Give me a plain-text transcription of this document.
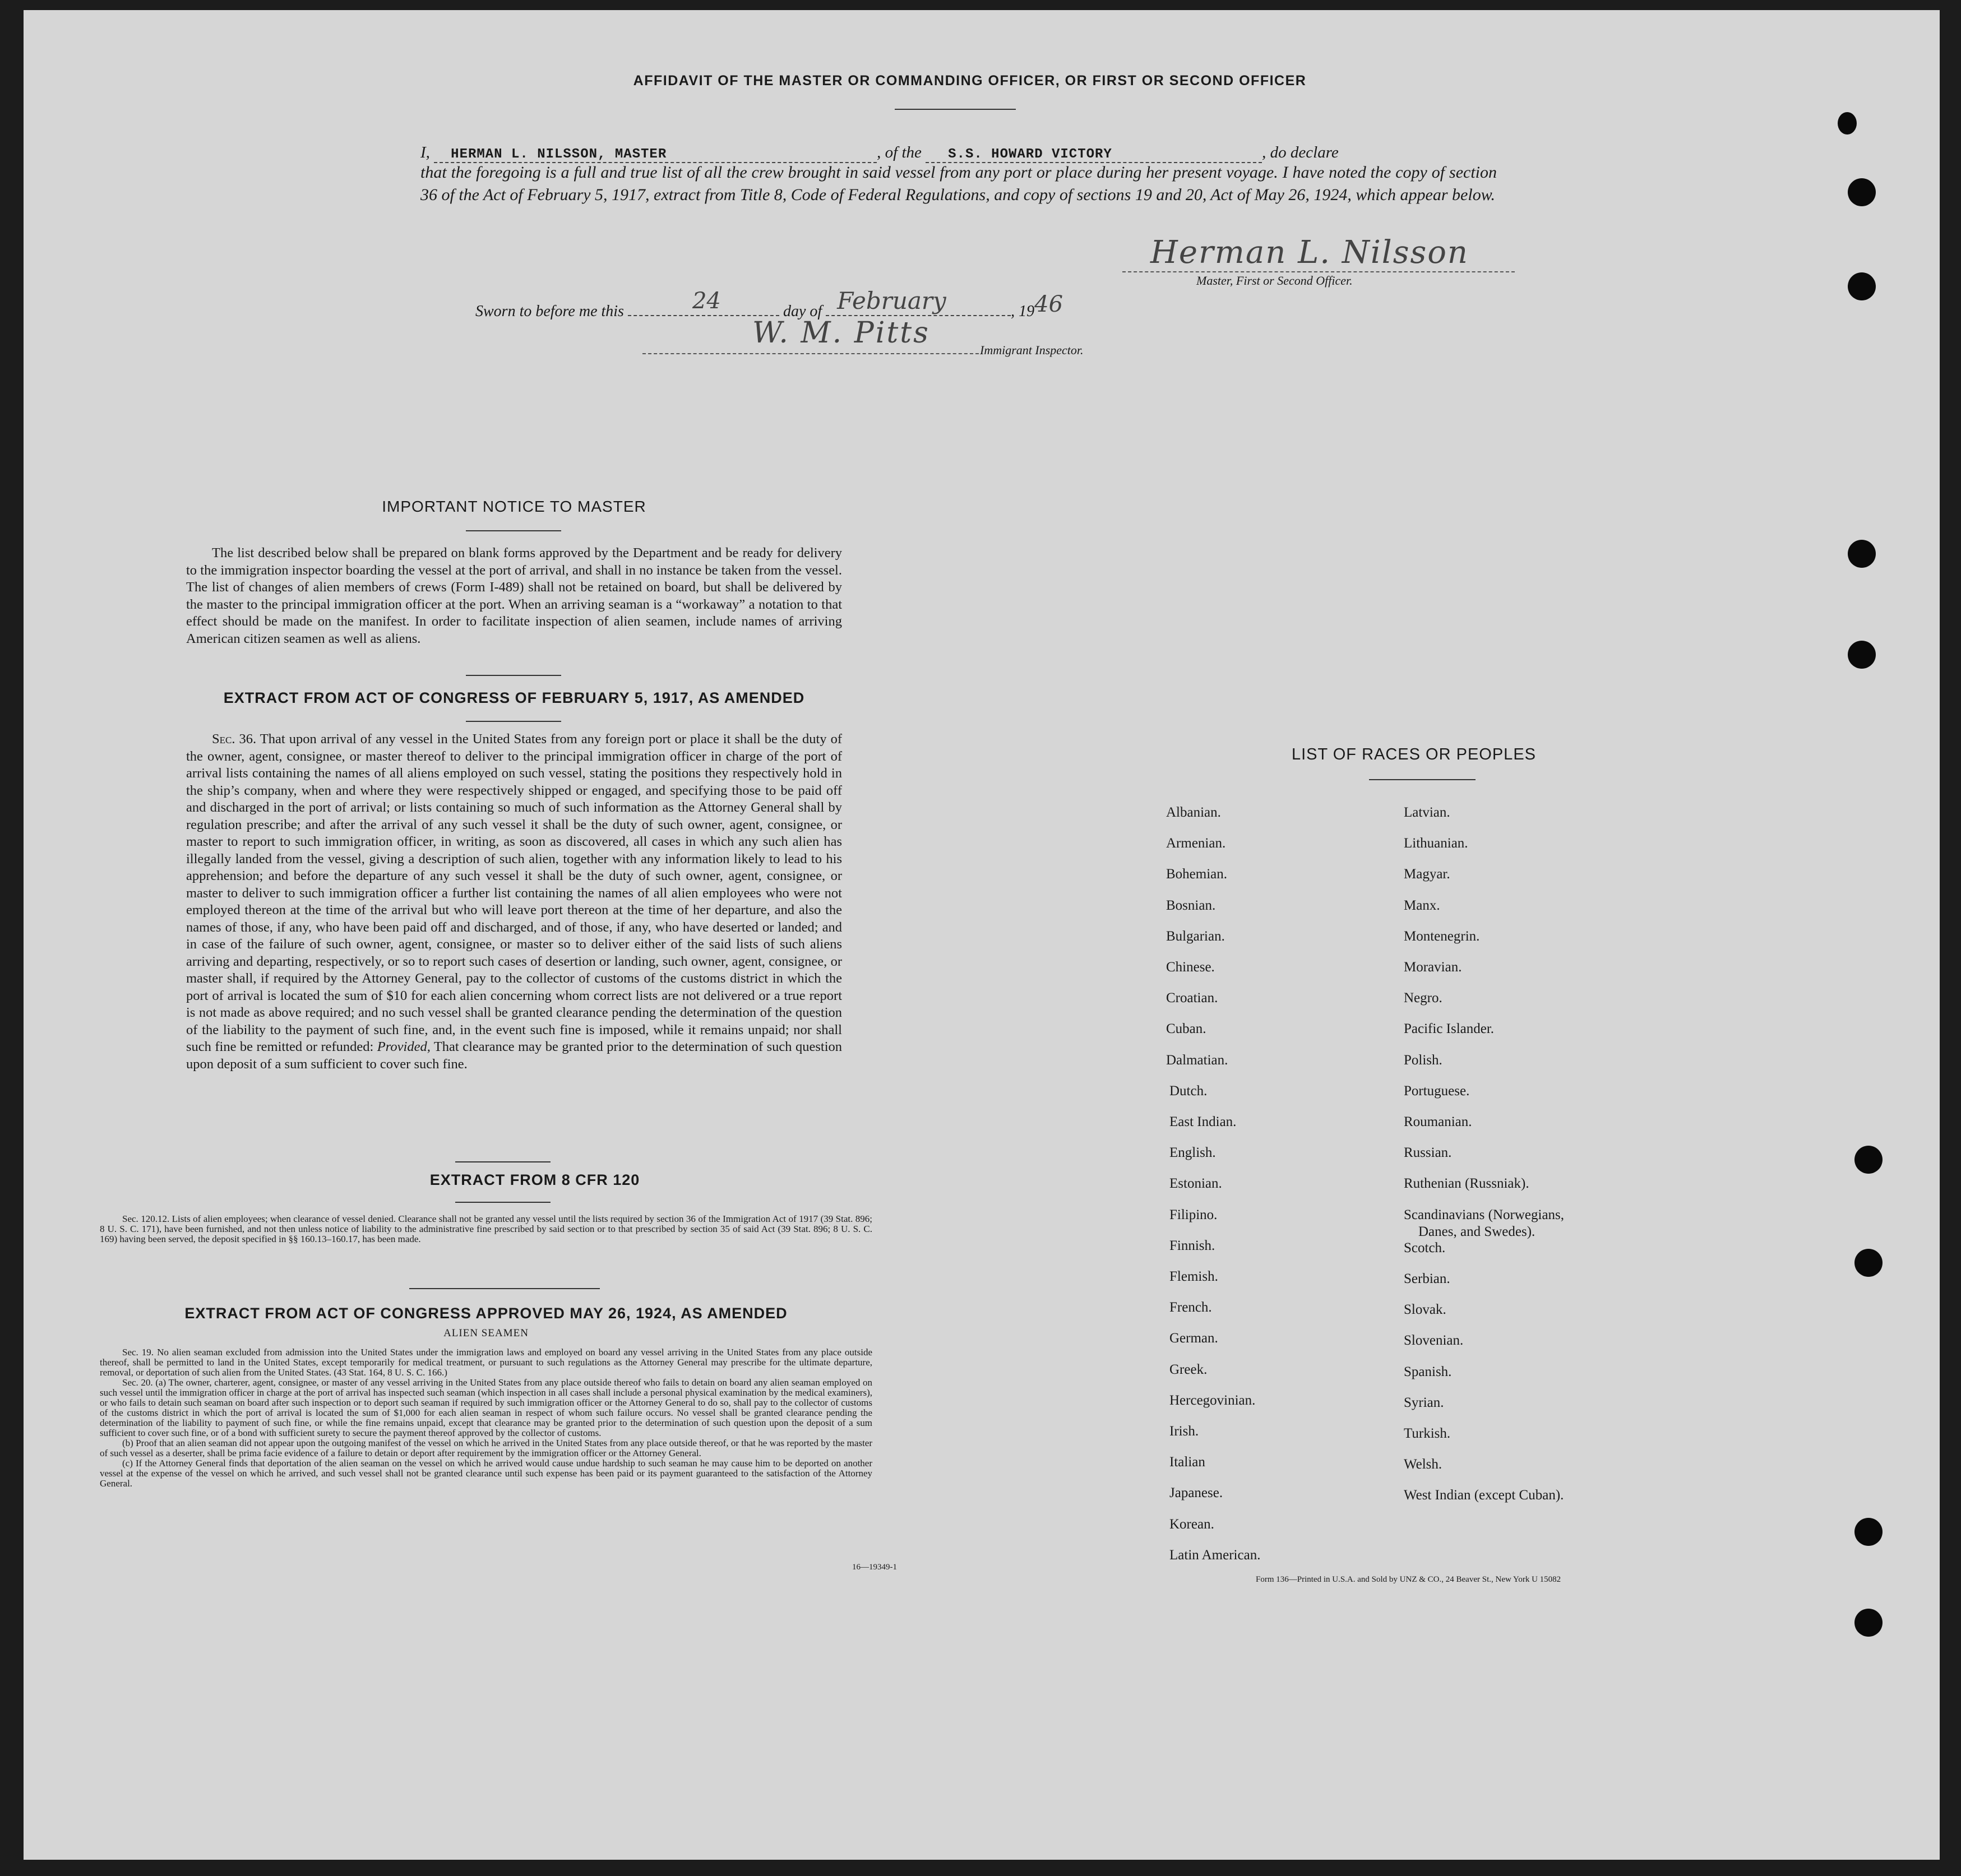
AFFIDAVIT OF THE MASTER OR COMMANDING OFFICER, OR FIRST OR SECOND OFFICER
I, HERMAN L. NILSSON, MASTER	, of the S.S. HOWARD VICTORY	, do declare
that the foregoing is a full and true list of all the crew brought in said vessel from any port or place during her present voyage. I have noted the copy of section 36 of the Act of February 5, 1917, extract from Title 8, Code of Federal Regulations, and copy of sections 19 and 20, Act of May 26, 1924, which appear below.
Herman L. Nilsson
Master, First or Second Officer.
Sworn to before me this	24	day of February	, 1946
W. M. Pitts
Immigrant Inspector.
IMPORTANT NOTICE TO MASTER
The list described below shall be prepared on blank forms approved by the Department and be ready for delivery to the immigration inspector boarding the vessel at the port of arrival, and shall in no instance be taken from the vessel. The list of changes of alien members of crews (Form I-489) shall not be retained on board, but shall be delivered by the master to the principal immigration officer at the port. When an arriving seaman is a “workaway” a notation to that effect should be made on the manifest. In order to facilitate inspection of alien seamen, include names of arriving American citizen seamen as well as aliens.
EXTRACT FROM ACT OF CONGRESS OF FEBRUARY 5, 1917, AS AMENDED
Sec. 36. That upon arrival of any vessel in the United States from any foreign port or place it shall be the duty of the owner, agent, consignee, or master thereof to deliver to the principal immigration officer in charge of the port of arrival lists containing the names of all aliens employed on such vessel, stating the positions they respectively hold in the ship’s company, when and where they were respectively shipped or engaged, and specifying those to be paid off and discharged in the port of arrival; or lists containing so much of such information as the Attorney General shall by regulation prescribe; and after the arrival of any such vessel it shall be the duty of such owner, agent, consignee, or master to report to such immigration officer, in writing, as soon as discovered, all cases in which any such alien has illegally landed from the vessel, giving a description of such alien, together with any information likely to lead to his apprehension; and before the departure of any such vessel it shall be the duty of such owner, agent, consignee, or master to deliver to such immigration officer a further list containing the names of all alien employees who were not employed thereon at the time of the arrival but who will leave port thereon at the time of her departure, and also the names of those, if any, who have been paid off and discharged, and of those, if any, who have deserted or landed; and in case of the failure of such owner, agent, consignee, or master so to deliver either of the said lists of such aliens arriving and departing, respectively, or so to report such cases of desertion or landing, such owner, agent, consignee, or master shall, if required by the Attorney General, pay to the collector of customs of the customs district in which the port of arrival is located the sum of $10 for each alien concerning whom correct lists are not delivered or a true report is not made as above required; and no such vessel shall be granted clearance pending the determination of the question of the liability to the payment of such fine, and, in the event such fine is imposed, while it remains unpaid; nor shall such fine be remitted or refunded: Provided, That clearance may be granted prior to the determination of such question upon deposit of a sum sufficient to cover such fine.
EXTRACT FROM 8 CFR 120
Sec. 120.12. Lists of alien employees; when clearance of vessel denied. Clearance shall not be granted any vessel until the lists required by section 36 of the Immigration Act of 1917 (39 Stat. 896; 8 U. S. C. 171), have been furnished, and not then unless notice of liability to the administrative fine prescribed by said section or to that prescribed by section 35 of said Act (39 Stat. 896; 8 U. S. C. 169) having been served, the deposit specified in §§ 160.13–160.17, has been made.
EXTRACT FROM ACT OF CONGRESS APPROVED MAY 26, 1924, AS AMENDED
ALIEN SEAMEN
Sec. 19. No alien seaman excluded from admission into the United States under the immigration laws and employed on board any vessel arriving in the United States from any place outside thereof, shall be permitted to land in the United States, except temporarily for medical treatment, or pursuant to such regulations as the Attorney General may prescribe for the ultimate departure, removal, or deportation of such alien from the United States. (43 Stat. 164, 8 U. S. C. 166.)
Sec. 20. (a) The owner, charterer, agent, consignee, or master of any vessel arriving in the United States from any place outside thereof who fails to detain on board any alien seaman employed on such vessel until the immigration officer in charge at the port of arrival has inspected such seaman (which inspection in all cases shall include a personal physical examination by the medical examiners), or who fails to detain such seaman on board after such inspection or to deport such seaman if required by such immigration officer or the Attorney General to do so, shall pay to the collector of customs of the customs district in which the port of arrival is located the sum of $1,000 for each alien seaman in respect of whom such failure occurs. No vessel shall be granted clearance pending the determination of the liability to payment of such fine, or while the fine remains unpaid, except that clearance may be granted prior to the determination of such question upon the deposit of a sum sufficient to cover such fine, or of a bond with sufficient surety to secure the payment thereof approved by the collector of customs.
(b) Proof that an alien seaman did not appear upon the outgoing manifest of the vessel on which he arrived in the United States from any place outside thereof, or that he was reported by the master of such vessel as a deserter, shall be prima facie evidence of a failure to detain or deport after requirement by the immigration officer or the Attorney General.
(c) If the Attorney General finds that deportation of the alien seaman on the vessel on which he arrived would cause undue hardship to such seaman he may cause him to be deported on another vessel at the expense of the vessel on which he arrived, and such vessel shall not be granted clearance until such expense has been paid or its payment guaranteed to the satisfaction of the Attorney General.
16—19349-1
LIST OF RACES OR PEOPLES
Albanian.
Armenian.
Bohemian.
Bosnian.
Bulgarian.
Chinese.
Croatian.
Cuban.
Dalmatian.
Dutch.
East Indian.
English.
Estonian.
Filipino.
Finnish.
Flemish.
French.
German.
Greek.
Hercegovinian.
Irish.
Italian
Japanese.
Korean.
Latin American.
Latvian.
Lithuanian.
Magyar.
Manx.
Montenegrin.
Moravian.
Negro.
Pacific Islander.
Polish.
Portuguese.
Roumanian.
Russian.
Ruthenian (Russniak).
Scandinavians (Norwegians,
Danes, and Swedes).
Scotch.
Serbian.
Slovak.
Slovenian.
Spanish.
Syrian.
Turkish.
Welsh.
West Indian (except Cuban).
Form 136—Printed in U.S.A. and Sold by UNZ & CO., 24 Beaver St., New York U 15082
